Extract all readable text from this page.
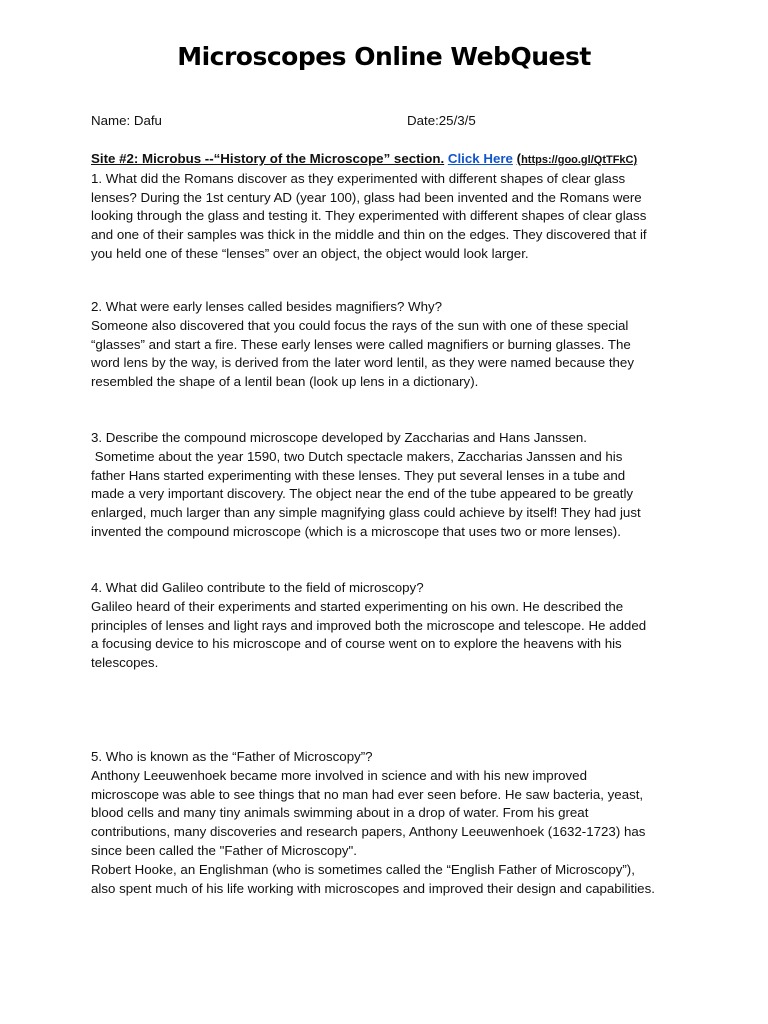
Microscopes Online WebQuest
Name: Dafu	Date:25/3/5
Site #2: Microbus --“History of the Microscope” section. Click Here (https://goo.gl/QtTFkC)
1. What did the Romans discover as they experimented with different shapes of clear glass
lenses? During the 1st century AD (year 100), glass had been invented and the Romans were
looking through the glass and testing it. They experimented with different shapes of clear glass
and one of their samples was thick in the middle and thin on the edges. They discovered that if
you held one of these “lenses” over an object, the object would look larger.
2. What were early lenses called besides magnifiers? Why?
Someone also discovered that you could focus the rays of the sun with one of these special
“glasses” and start a fire. These early lenses were called magnifiers or burning glasses. The
word lens by the way, is derived from the later word lentil, as they were named because they
resembled the shape of a lentil bean (look up lens in a dictionary).
3. Describe the compound microscope developed by Zaccharias and Hans Janssen.
Sometime about the year 1590, two Dutch spectacle makers, Zaccharias Janssen and his
father Hans started experimenting with these lenses. They put several lenses in a tube and
made a very important discovery. The object near the end of the tube appeared to be greatly
enlarged, much larger than any simple magnifying glass could achieve by itself! They had just
invented the compound microscope (which is a microscope that uses two or more lenses).
4. What did Galileo contribute to the field of microscopy?
Galileo heard of their experiments and started experimenting on his own. He described the
principles of lenses and light rays and improved both the microscope and telescope. He added
a focusing device to his microscope and of course went on to explore the heavens with his
telescopes.
5. Who is known as the “Father of Microscopy”?
Anthony Leeuwenhoek became more involved in science and with his new improved
microscope was able to see things that no man had ever seen before. He saw bacteria, yeast,
blood cells and many tiny animals swimming about in a drop of water. From his great
contributions, many discoveries and research papers, Anthony Leeuwenhoek (1632-1723) has
since been called the "Father of Microscopy".
Robert Hooke, an Englishman (who is sometimes called the “English Father of Microscopy”),
also spent much of his life working with microscopes and improved their design and capabilities.
